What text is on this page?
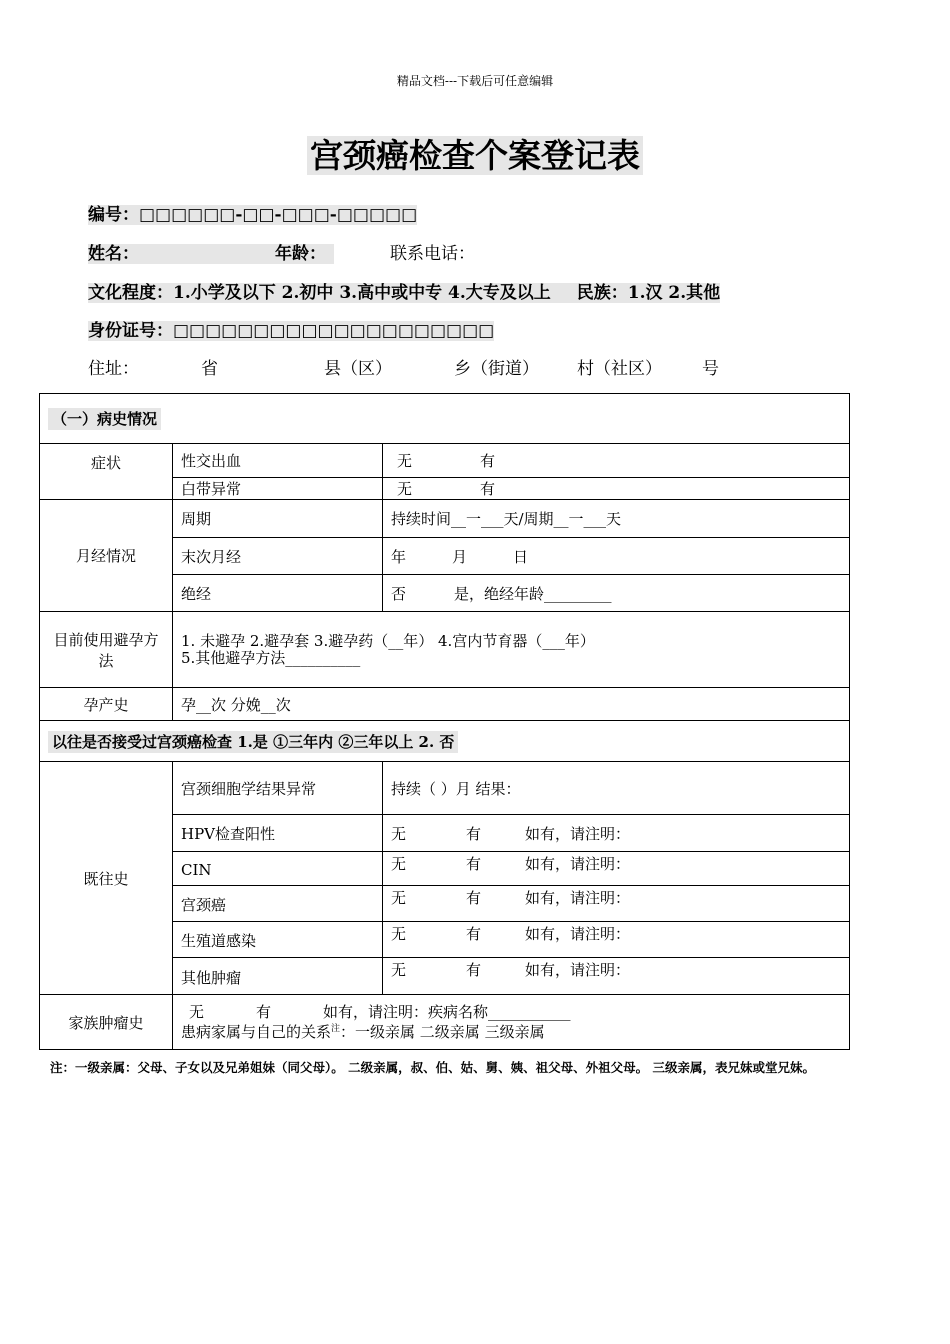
精品文档---下载后可任意编辑
宫颈癌检查个案登记表
编号：□□□□□□-□□-□□□-□□□□□
姓名：	年龄：	联系电话：
文化程度：1.小学及以下 2.初中 3.高中或中专 4.大专及以上 民族：1.汉 2.其他
身份证号：□□□□□□□□□□□□□□□□□□□□
住址：	省	县（区）	乡（街道） 村（社区） 号
（一）病史情况		
症状	性交出血	无 有
	白带异常	无 有
月经情况	周期	持续时间__一___天/周期__一___天
	末次月经	年 月 日
	绝经	否 是，绝经年龄_________
目前使用避孕方法	1. 未避孕 2.避孕套 3.避孕药（__年） 4.宫内节育器（___年）
5.其他避孕方法__________	

孕产史	孕__次 分娩__次	
以往是否接受过宫颈癌检查 1.是 ①三年内 ②三年以上 2. 否		
既往史	宫颈细胞学结果异常	持续（ ）月 结果：
	HPV检查阳性	无 有 如有，请注明：
	CIN	无 有 如有，请注明：
	宫颈癌	无 有 如有，请注明：
	生殖道感染	无 有 如有，请注明：
	其他肿瘤	无 有 如有，请注明：
家族肿瘤史	无 有 如有，请注明：疾病名称___________
患病家属与自己的关系$^注$：一级亲属 二级亲属 三级亲属	
注：一级亲属：父母、子女以及兄弟姐妹（同父母）。 二级亲属，叔、伯、姑、舅、姨、祖父母、外祖父母。 三级亲属，表兄妹或堂兄妹。
